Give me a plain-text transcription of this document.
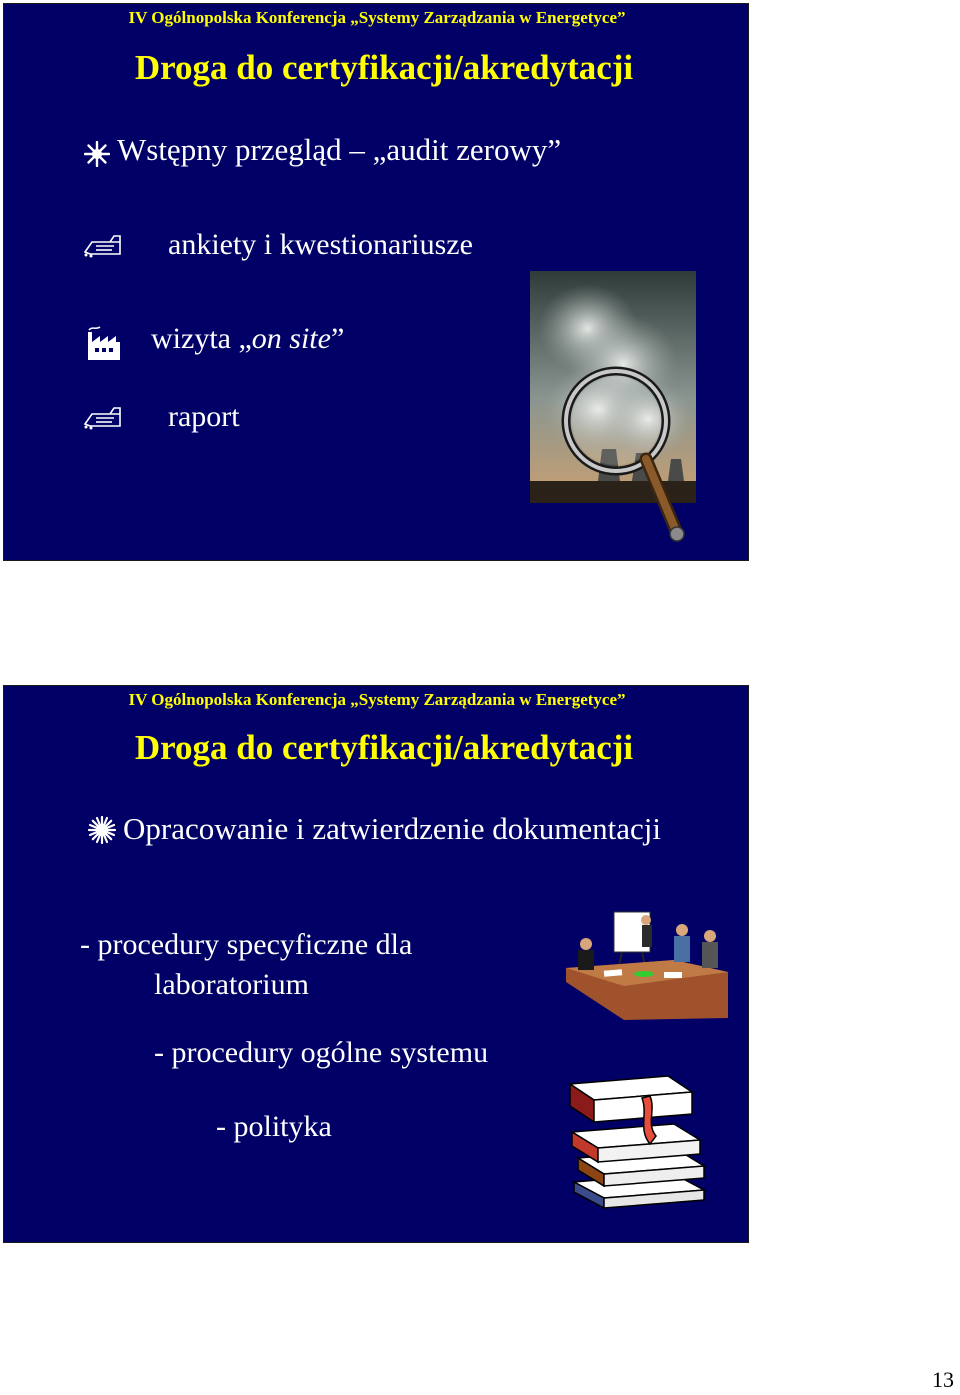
IV Ogólnopolska Konferencja „Systemy Zarządzania w Energetyce”
Droga do certyfikacji/akredytacji
Wstępny przegląd – „audit zerowy”
ankiety i kwestionariusze
wizyta „on site”
raport
IV Ogólnopolska Konferencja „Systemy Zarządzania w Energetyce”
Droga do certyfikacji/akredytacji
Opracowanie i zatwierdzenie dokumentacji
- procedury specyficzne dla
laboratorium
- procedury ogólne systemu
- polityka
13
